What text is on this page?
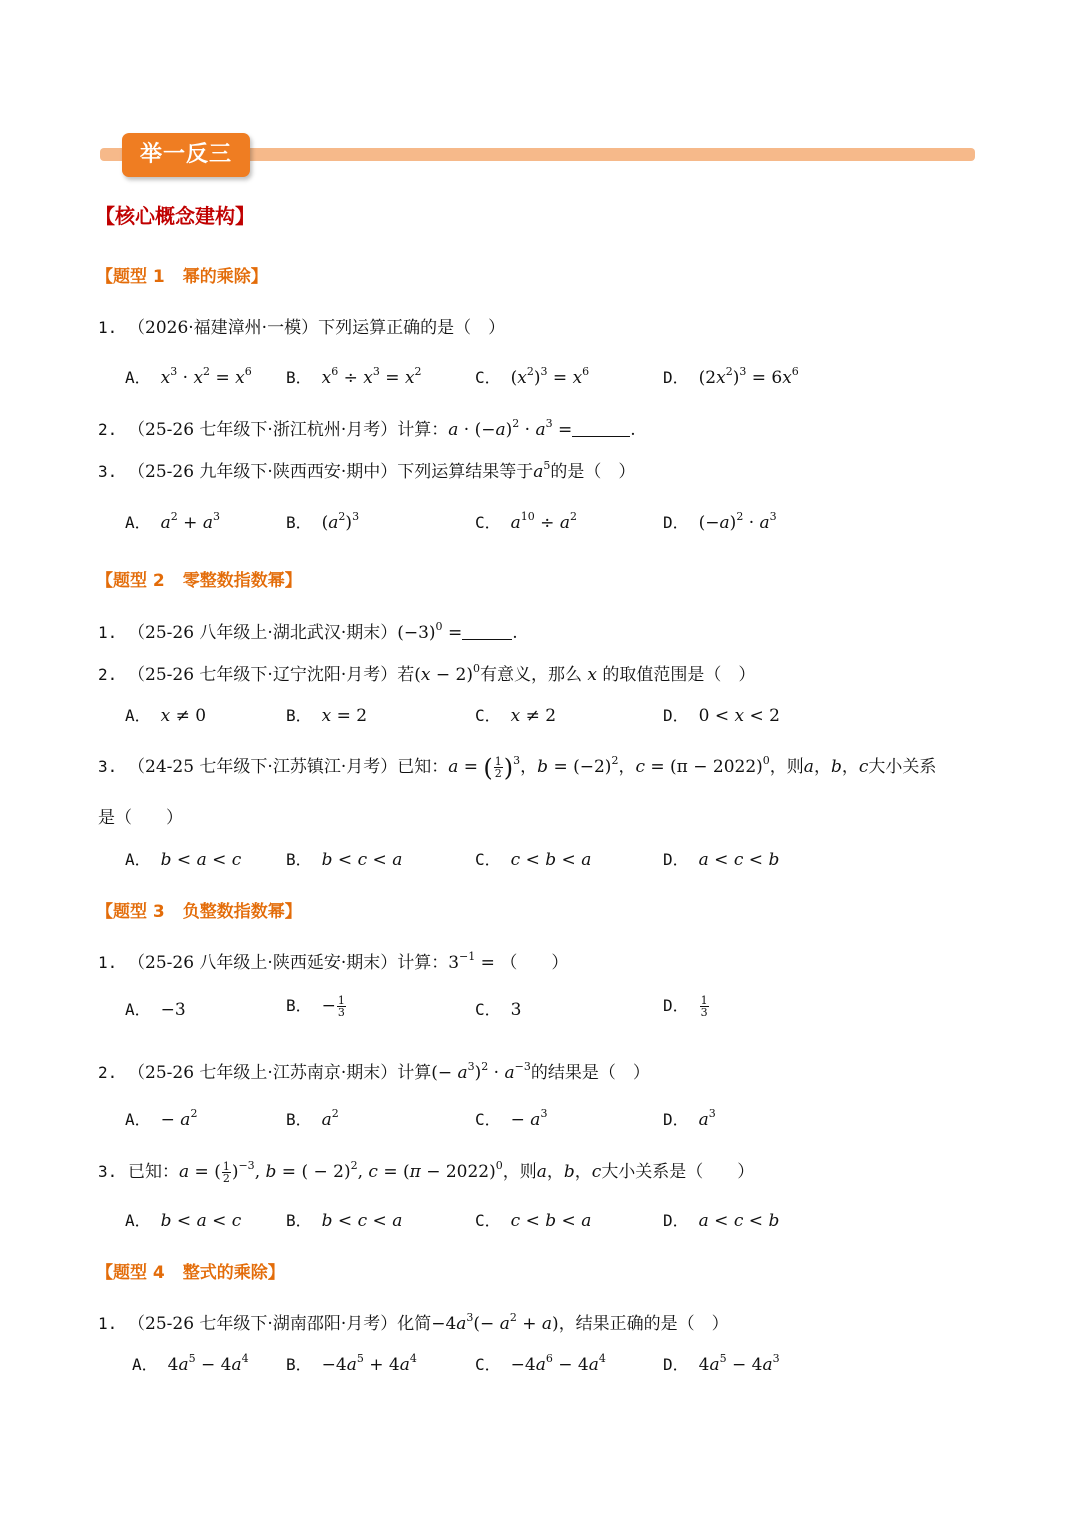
举一反三
【核心概念建构】
【题型 1 幂的乘除】
1. （2026·福建漳州·一模）下列运算正确的是（　）
A． $x^3 \cdot x^2 = x^6$ B． $x^6 \div x^3 = x^2$	C． $(x^2)^3 = x^6$	D． $(2x^2)^3 = 6x^6$
2. （25-26 七年级下·浙江杭州·月考）计算：$a \cdot (-a)^2 \cdot a^3$ =	.
3. （25-26 九年级下·陕西西安·期中）下列运算结果等于$a^5$的是（　）
A． $a^2 + a^3$	B． $(a^2)^3$	C． $a^{10} \div a^2$	D． $(-a)^2 \cdot a^3$
【题型 2 零整数指数幂】
1. （25-26 八年级上·湖北武汉·期末）$(-3)^0$ =	.
2. （25-26 七年级下·辽宁沈阳·月考）若$(x - 2)^0$有意义，那么 x 的取值范围是（　）
A． x ≠ 0	B． x = 2	C． x ≠ 2	D． 0 < x < 2
3. （24-25 七年级下·江苏镇江·月考）已知：a = ( $\frac{1}{2} )^3$，$b = (-2)^2$，$c = (\pi - 2022)^0$，则a，b，c大小关系
是（　　）
A． b < a < c	B． b < c < a	C． c < b < a	D． a < c < b
【题型 3 负整数指数幂】
1. （25-26 八年级上·陕西延安·期末）计算：$3^{-1}$ = （　　）
A． −3	B． − $\frac{1}{3}$	C． 3	D． $\frac{1}{3}$
2. （25-26 七年级上·江苏南京·期末）计算(− $a^3)^2 \cdot a^{-3}$的结果是（　）
A． − $a^2$	B． $a^2$	C． − $a^3$	D． $a^3$
3. 已知：a = ( $\frac{1}{2} )^{-3}$, b = ( − 2)$^2$, $c = (\pi - 2022)^0$，则a，b，c大小关系是（　　）
A． b < a < c	B． b < c < a	C． c < b < a	D． a < c < b
【题型 4 整式的乘除】
1. （25-26 七年级下·湖南邵阳·月考）化简$-4a^3(- a^2 + a)$，结果正确的是（　）
A． $4a^5 - 4a^4$ B． $-4a^5 + 4a^4$	C． $-4a^6 - 4a^4$	D． $4a^5 - 4a^3$
